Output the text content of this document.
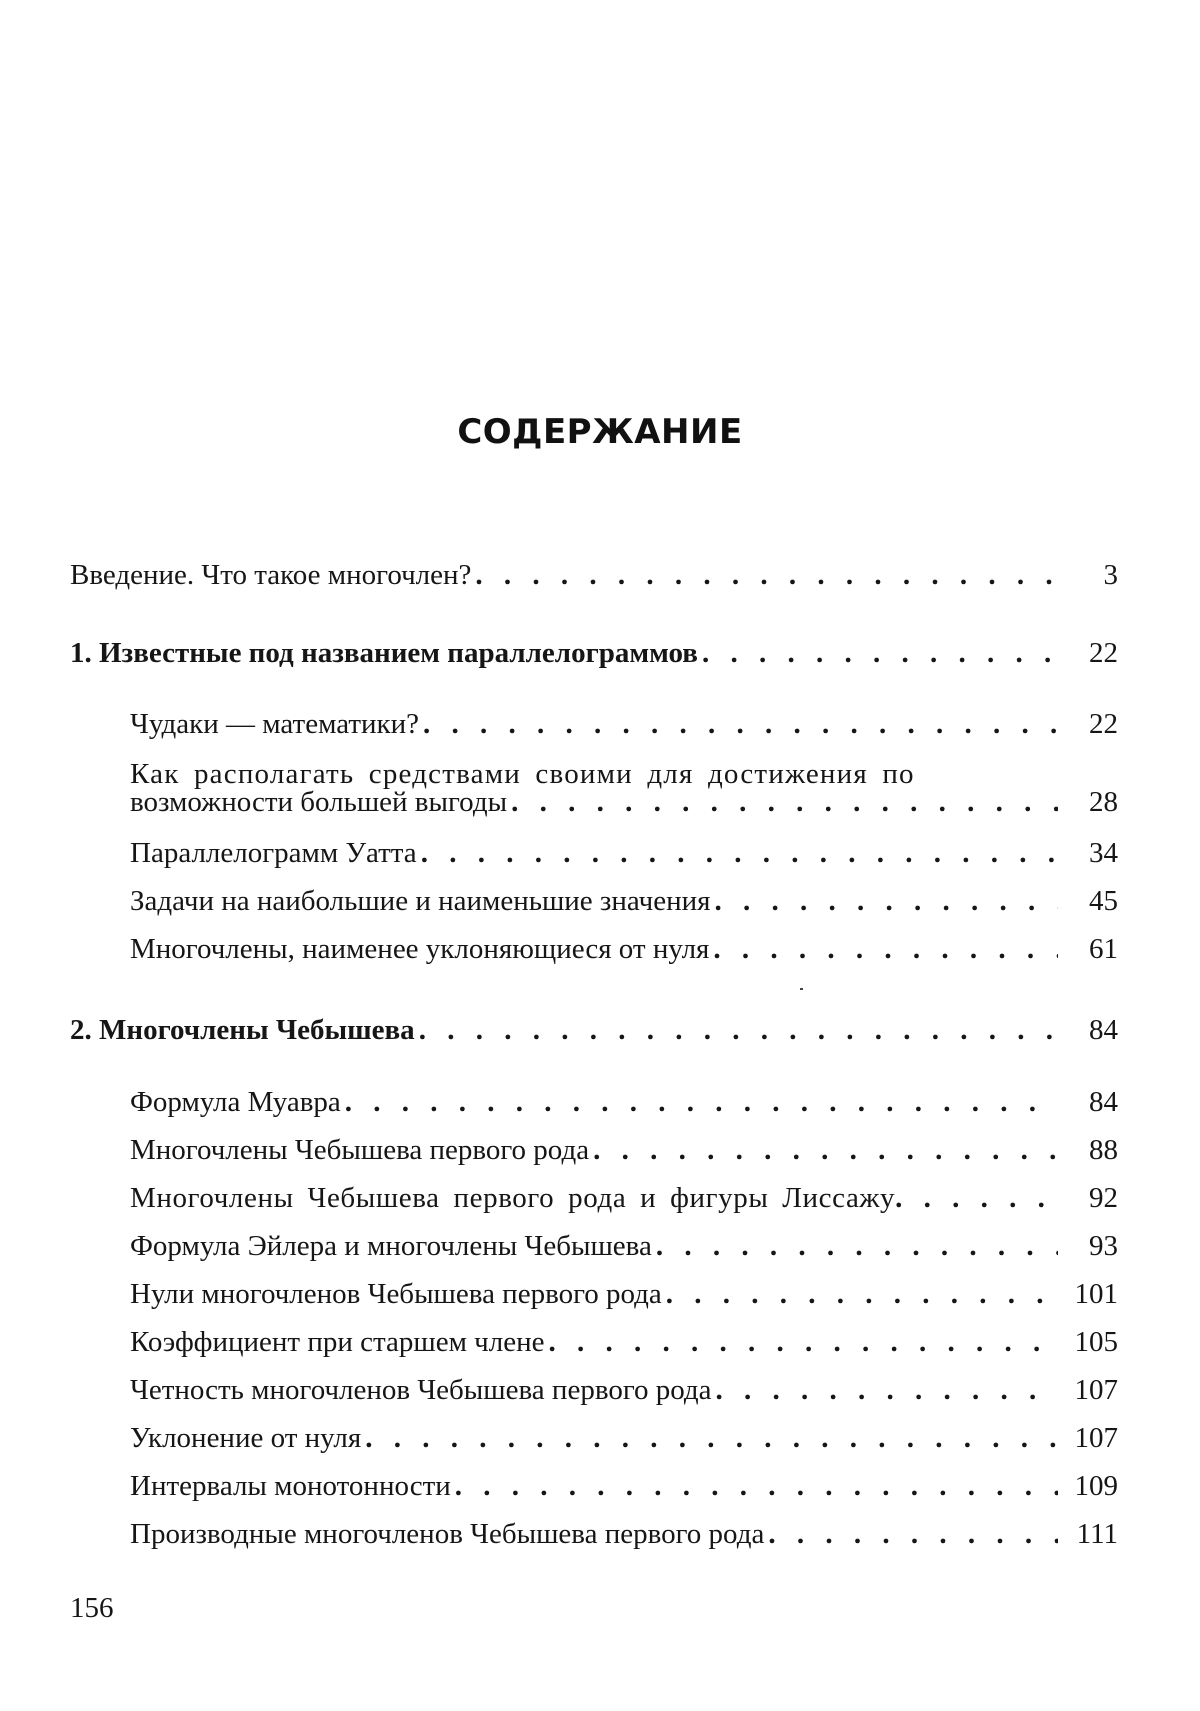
СОДЕРЖАНИЕ
Введение. Что такое многочлен? . . .	3
1. Известные под названием параллелограммов . . .	22
Чудаки — математики? . . .	22
Как располагать средствами своими для достижения по
возможности большей выгоды . . .	28
Параллелограмм Уатта . . .	34
Задачи на наибольшие и наименьшие значения . . .	45
Многочлены, наименее уклоняющиеся от нуля . . .	61
2. Многочлены Чебышева . . .	84
Формула Муавра . . .	84
Многочлены Чебышева первого рода . . .	88
Многочлены Чебышева первого рода и фигуры Лиссажу . . .	92
Формула Эйлера и многочлены Чебышева . . .	93
Нули многочленов Чебышева первого рода . . .	101
Коэффициент при старшем члене . . .	105
Четность многочленов Чебышева первого рода . . .	107
Уклонение от нуля . . .	107
Интервалы монотонности . . .	109
Производные многочленов Чебышева первого рода . . .	111
156
